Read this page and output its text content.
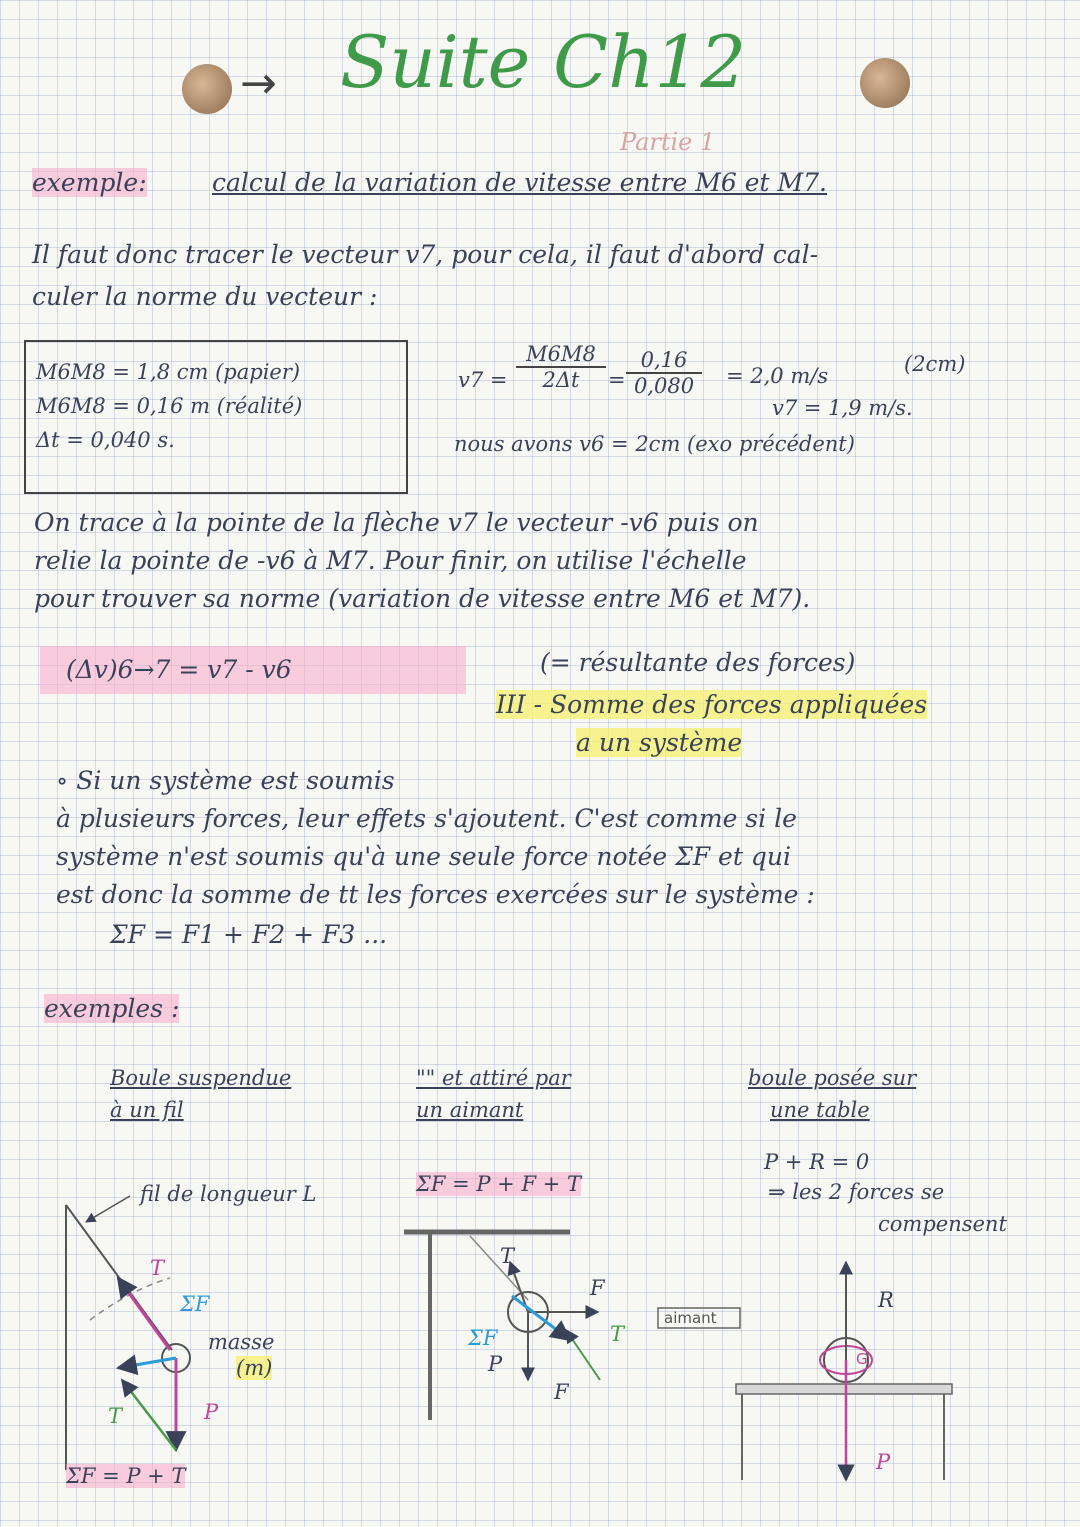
→ Suite Ch12
Partie 1
exemple:	calcul de la variation de vitesse entre M6 et M7.
Il faut donc tracer le vecteur v7, pour cela, il faut d'abord cal-
culer la norme du vecteur :
M6M8 = 1,8 cm (papier)
M6M8 = 0,16 m (réalité)
Δt = 0,040 s.
$v7 = \frac{M6M8}{2\Delta t} = \frac{0,16}{0,080} = 2,0$ m/s	(2cm)
v7 = 1,9 m/s.
nous avons v6 = 2cm (exo précédent)
On trace à la pointe de la flèche v7 le vecteur -v6 puis on
relie la pointe de -v6 à M7. Pour finir, on utilise l'échelle
pour trouver sa norme (variation de vitesse entre M6 et M7).
(Δv)6→7 = v7 - v6	(= résultante des forces)
III - Somme des forces appliquées
a un système
∘ Si un système est soumis
à plusieurs forces, leur effets s'ajoutent. C'est comme si le
système n'est soumis qu'à une seule force notée ΣF et qui
est donc la somme de tt les forces exercées sur le système :
ΣF = F1 + F2 + F3 ...
exemples :
Boule suspendue
à un fil
"" et attiré par
un aimant
ΣF = P + F + T
boule posée sur
une table
P + R = 0
⇒ les 2 forces se
compensent
fil de longueur L
T
ΣF
masse
(m)
P
T
ΣF = P + T
T
F
ΣF
P
F
T
aimant
R
G
P
